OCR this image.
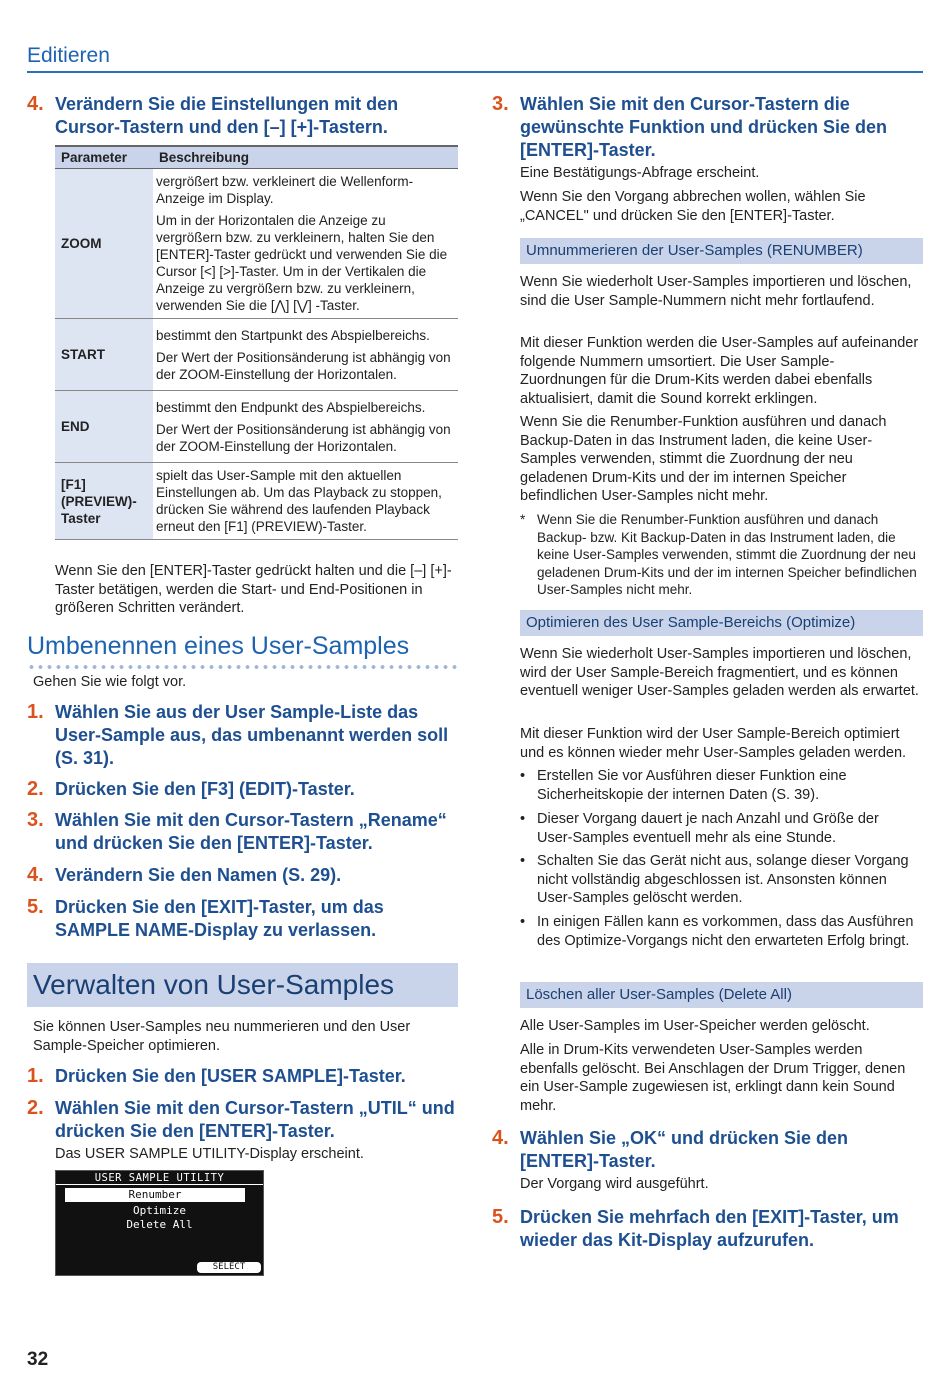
Editieren
4. Verändern Sie die Einstellungen mit den Cursor-Tastern und den [–] [+]-Tastern.
Parameter	Beschreibung
ZOOM	vergrößert bzw. verkleinert die Wellenform-Anzeige im Display.

Um in der Horizontalen die Anzeige zu vergrößern bzw. zu verkleinern, halten Sie den [ENTER]-Taster gedrückt und verwenden Sie die Cursor [<] [>]-Taster. Um in der Vertikalen die Anzeige zu vergrößern bzw. zu verkleinern, verwenden Sie die [⋀] [⋁] -Taster.

START	bestimmt den Startpunkt des Abspielbereichs.

Der Wert der Positionsänderung ist abhängig von der ZOOM-Einstellung der Horizontalen.

END	bestimmt den Endpunkt des Abspielbereichs.

Der Wert der Positionsänderung ist abhängig von der ZOOM-Einstellung der Horizontalen.

[F1] (PREVIEW)-Taster	spielt das User-Sample mit den aktuellen Einstellungen ab. Um das Playback zu stoppen, drücken Sie während des laufenden Playback erneut den [F1] (PREVIEW)-Taster.

Wenn Sie den [ENTER]-Taster gedrückt halten und die [–] [+]-Taster betätigen, werden die Start- und End-Positionen in größeren Schritten verändert.
Umbenennen eines User-Samples
Gehen Sie wie folgt vor.
1. Wählen Sie aus der User Sample-Liste das User-Sample aus, das umbenannt werden soll (S. 31).
2. Drücken Sie den [F3] (EDIT)-Taster.
3. Wählen Sie mit den Cursor-Tastern „Rename“ und drücken Sie den [ENTER]-Taster.
4. Verändern Sie den Namen (S. 29).
5. Drücken Sie den [EXIT]-Taster, um das SAMPLE NAME-Display zu verlassen.
Verwalten von User-Samples
Sie können User-Samples neu nummerieren und den User Sample-Speicher optimieren.
1. Drücken Sie den [USER SAMPLE]-Taster.
2. Wählen Sie mit den Cursor-Tastern „UTIL“ und drücken Sie den [ENTER]-Taster.
Das USER SAMPLE UTILITY-Display erscheint.
USER SAMPLE UTILITY
Renumber
Optimize
Delete All
SELECT
3. Wählen Sie mit den Cursor-Tastern die gewünschte Funktion und drücken Sie den [ENTER]-Taster.
Eine Bestätigungs-Abfrage erscheint.
Wenn Sie den Vorgang abbrechen wollen, wählen Sie „CANCEL" und drücken Sie den [ENTER]-Taster.
Umnummerieren der User-Samples (RENUMBER)
Wenn Sie wiederholt User-Samples importieren und löschen, sind die User Sample-Nummern nicht mehr fortlaufend.
Mit dieser Funktion werden die User-Samples auf aufeinander folgende Nummern umsortiert. Die User Sample-Zuordnungen für die Drum-Kits werden dabei ebenfalls aktualisiert, damit die Sound korrekt erklingen.
Wenn Sie die Renumber-Funktion ausführen und danach Backup-Daten in das Instrument laden, die keine User-Samples verwenden, stimmt die Zuordnung der neu geladenen Drum-Kits und der im internen Speicher befindlichen User-Samples nicht mehr.
* Wenn Sie die Renumber-Funktion ausführen und danach Backup- bzw. Kit Backup-Daten in das Instrument laden, die keine User-Samples verwenden, stimmt die Zuordnung der neu geladenen Drum-Kits und der im internen Speicher befindlichen User-Samples nicht mehr.
Optimieren des User Sample-Bereichs (Optimize)
Wenn Sie wiederholt User-Samples importieren und löschen, wird der User Sample-Bereich fragmentiert, und es können eventuell weniger User-Samples geladen werden als erwartet.
Mit dieser Funktion wird der User Sample-Bereich optimiert und es können wieder mehr User-Samples geladen werden.
• Erstellen Sie vor Ausführen dieser Funktion eine Sicherheitskopie der internen Daten (S. 39).
• Dieser Vorgang dauert je nach Anzahl und Größe der User-Samples eventuell mehr als eine Stunde.
• Schalten Sie das Gerät nicht aus, solange dieser Vorgang nicht vollständig abgeschlossen ist. Ansonsten können User-Samples gelöscht werden.
• In einigen Fällen kann es vorkommen, dass das Ausführen des Optimize-Vorgangs nicht den erwarteten Erfolg bringt.
Löschen aller User-Samples (Delete All)
Alle User-Samples im User-Speicher werden gelöscht.
Alle in Drum-Kits verwendeten User-Samples werden ebenfalls gelöscht. Bei Anschlagen der Drum Trigger, denen ein User-Sample zugewiesen ist, erklingt dann kein Sound mehr.
4. Wählen Sie „OK“ und drücken Sie den [ENTER]-Taster.
Der Vorgang wird ausgeführt.
5. Drücken Sie mehrfach den [EXIT]-Taster, um wieder das Kit-Display aufzurufen.
32
